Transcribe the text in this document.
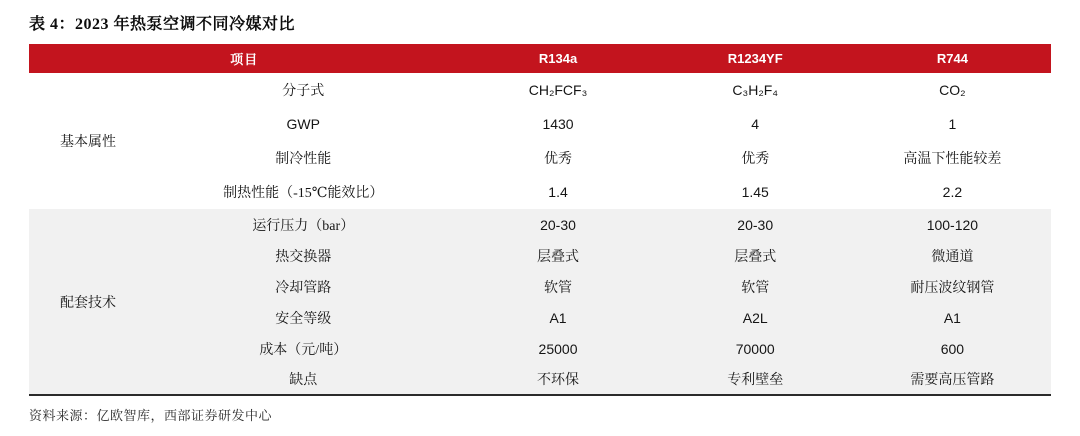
表 4：2023 年热泵空调不同冷媒对比
项目		R134a	R1234YF	R744
基本属性	分子式	CH₂FCF₃	C₃H₂F₄	CO₂
	GWP	1430	4	1
	制冷性能	优秀	优秀	高温下性能较差
	制热性能（-15℃能效比）	1.4	1.45	2.2
配套技术	运行压力（bar）	20-30	20-30	100-120
	热交换器	层叠式	层叠式	微通道
	冷却管路	软管	软管	耐压波纹钢管
	安全等级	A1	A2L	A1
	成本（元/吨）	25000	70000	600
	缺点	不环保	专利壁垒	需要高压管路
资料来源：亿欧智库，西部证券研发中心
